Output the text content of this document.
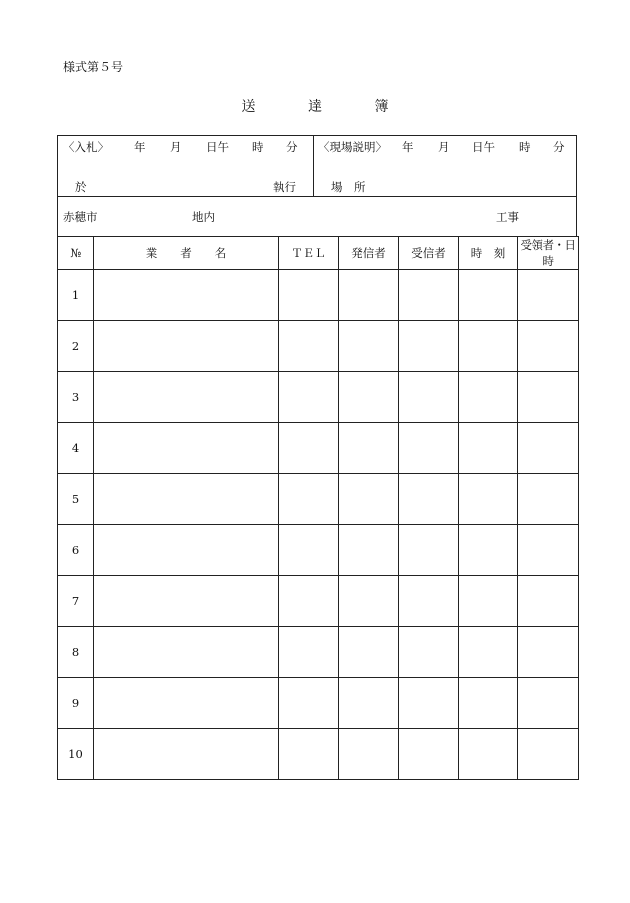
様式第５号
送	達	簿
〈入札〉 年 月 日午 時 分
於	執行
〈現場説明〉 年 月 日午 時 分
場　所
赤穂市	地内	工事
№	業　　者　　名	ＴＥＬ	発信者	受信者	時　刻	受領者・日時
1						
2						
3						
4						
5						
6						
7						
8						
9						
10						
